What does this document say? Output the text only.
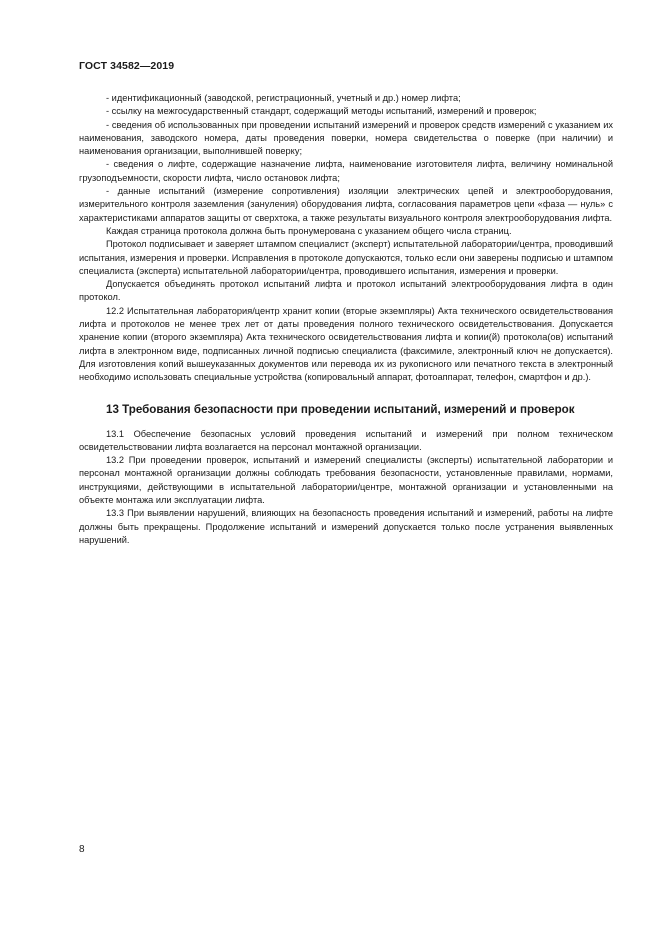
ГОСТ 34582—2019

- идентификационный (заводской, регистрационный, учетный и др.) номер лифта;

- ссылку на межгосударственный стандарт, содержащий методы испытаний, измерений и проверок;

- сведения об использованных при проведении испытаний измерений и проверок средств измерений с указанием их наименования, заводского номера, даты проведения поверки, номера свидетельства о поверке (при наличии) и наименования организации, выполнившей поверку;

- сведения о лифте, содержащие назначение лифта, наименование изготовителя лифта, величину номинальной грузоподъемности, скорости лифта, число остановок лифта;

- данные испытаний (измерение сопротивления) изоляции электрических цепей и электрооборудования, измерительного контроля заземления (зануления) оборудования лифта, согласования параметров цепи «фаза — нуль» с характеристиками аппаратов защиты от сверхтока, а также результаты визуального контроля электрооборудования лифта.

Каждая страница протокола должна быть пронумерована с указанием общего числа страниц.

Протокол подписывает и заверяет штампом специалист (эксперт) испытательной лаборатории/центра, проводивший испытания, измерения и проверки. Исправления в протоколе допускаются, только если они заверены подписью и штампом специалиста (эксперта) испытательной лаборатории/центра, проводившего испытания, измерения и проверки.

Допускается объединять протокол испытаний лифта и протокол испытаний электрооборудования лифта в один протокол.

12.2 Испытательная лаборатория/центр хранит копии (вторые экземпляры) Акта технического освидетельствования лифта и протоколов не менее трех лет от даты проведения полного технического освидетельствования. Допускается хранение копии (второго экземпляра) Акта технического освидетельствования лифта и копии(й) протокола(ов) испытаний лифта в электронном виде, подписанных личной подписью специалиста (факсимиле, электронный ключ не допускается). Для изготовления копий вышеуказанных документов или перевода их из рукописного или печатного текста в электронный необходимо использовать специальные устройства (копировальный аппарат, фотоаппарат, телефон, смартфон и др.).

13 Требования безопасности при проведении испытаний, измерений и проверок

13.1 Обеспечение безопасных условий проведения испытаний и измерений при полном техническом освидетельствовании лифта возлагается на персонал монтажной организации.

13.2 При проведении проверок, испытаний и измерений специалисты (эксперты) испытательной лаборатории и персонал монтажной организации должны соблюдать требования безопасности, установленные правилами, нормами, инструкциями, действующими в испытательной лаборатории/центре, монтажной организации и установленными на объекте монтажа или эксплуатации лифта.

13.3 При выявлении нарушений, влияющих на безопасность проведения испытаний и измерений, работы на лифте должны быть прекращены. Продолжение испытаний и измерений допускается только после устранения выявленных нарушений.

8
